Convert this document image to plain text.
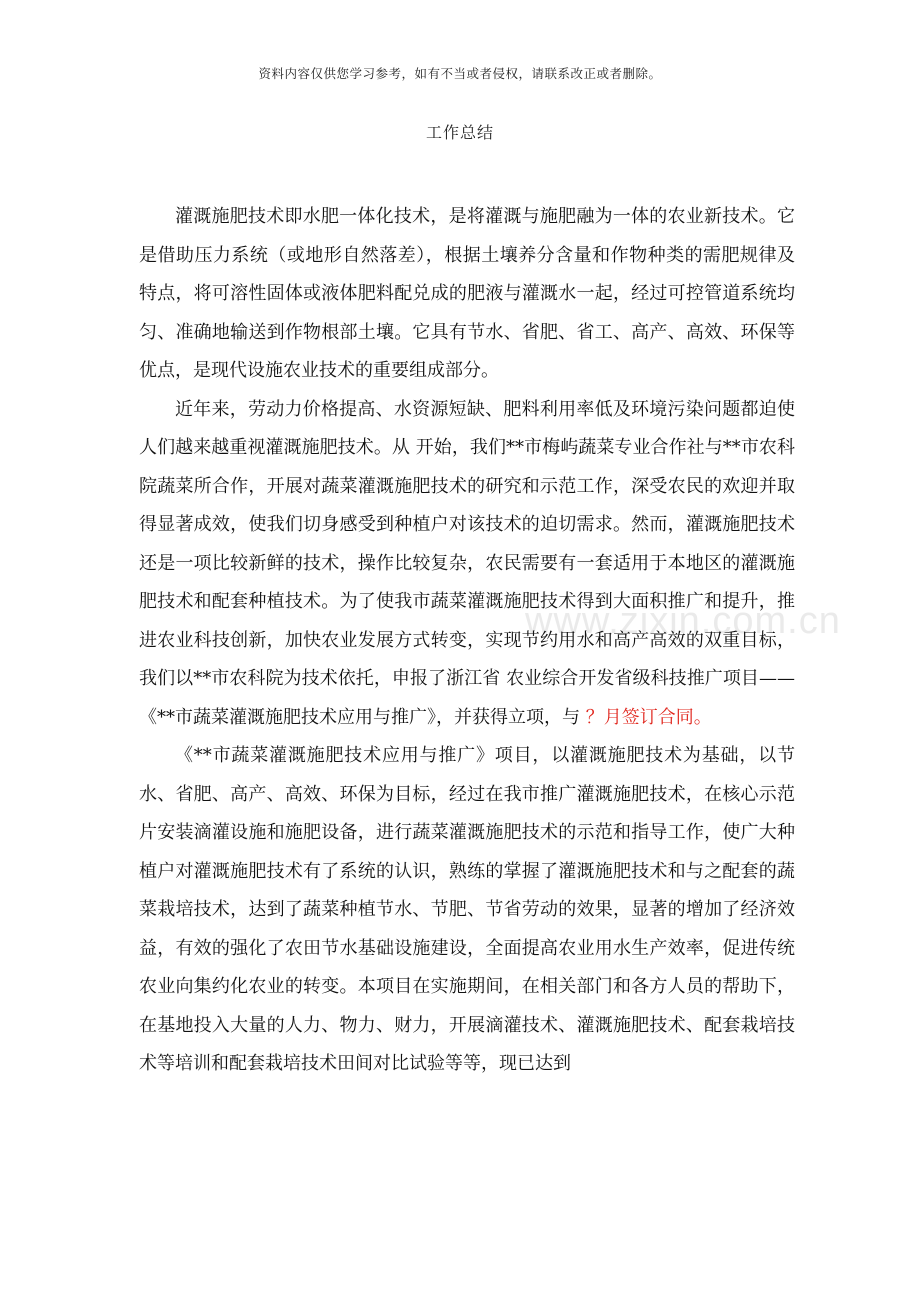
资料内容仅供您学习参考，如有不当或者侵权，请联系改正或者删除。
工作总结
www.zixin.com.cn

灌溉施肥技术即水肥一体化技术，是将灌溉与施肥融为一体的农业新技术。它是借助压力系统（或地形自然落差），根据土壤养分含量和作物种类的需肥规律及特点，将可溶性固体或液体肥料配兑成的肥液与灌溉水一起，经过可控管道系统均匀、准确地输送到作物根部土壤。它具有节水、省肥、省工、高产、高效、环保等优点，是现代设施农业技术的重要组成部分。

近年来，劳动力价格提高、水资源短缺、肥料利用率低及环境污染问题都迫使人们越来越重视灌溉施肥技术。从 开始，我们**市梅屿蔬菜专业合作社与**市农科院蔬菜所合作，开展对蔬菜灌溉施肥技术的研究和示范工作，深受农民的欢迎并取得显著成效，使我们切身感受到种植户对该技术的迫切需求。然而，灌溉施肥技术还是一项比较新鲜的技术，操作比较复杂，农民需要有一套适用于本地区的灌溉施肥技术和配套种植技术。为了使我市蔬菜灌溉施肥技术得到大面积推广和提升，推进农业科技创新，加快农业发展方式转变，实现节约用水和高产高效的双重目标，我们以**市农科院为技术依托，申报了浙江省 农业综合开发省级科技推广项目——《**市蔬菜灌溉施肥技术应用与推广》，并获得立项，与 ？月签订合同。

《**市蔬菜灌溉施肥技术应用与推广》项目，以灌溉施肥技术为基础，以节水、省肥、高产、高效、环保为目标，经过在我市推广灌溉施肥技术，在核心示范片安装滴灌设施和施肥设备，进行蔬菜灌溉施肥技术的示范和指导工作，使广大种植户对灌溉施肥技术有了系统的认识，熟练的掌握了灌溉施肥技术和与之配套的蔬菜栽培技术，达到了蔬菜种植节水、节肥、节省劳动的效果，显著的增加了经济效益，有效的强化了农田节水基础设施建设，全面提高农业用水生产效率，促进传统农业向集约化农业的转变。本项目在实施期间，在相关部门和各方人员的帮助下，在基地投入大量的人力、物力、财力，开展滴灌技术、灌溉施肥技术、配套栽培技术等培训和配套栽培技术田间对比试验等等，现已达到
